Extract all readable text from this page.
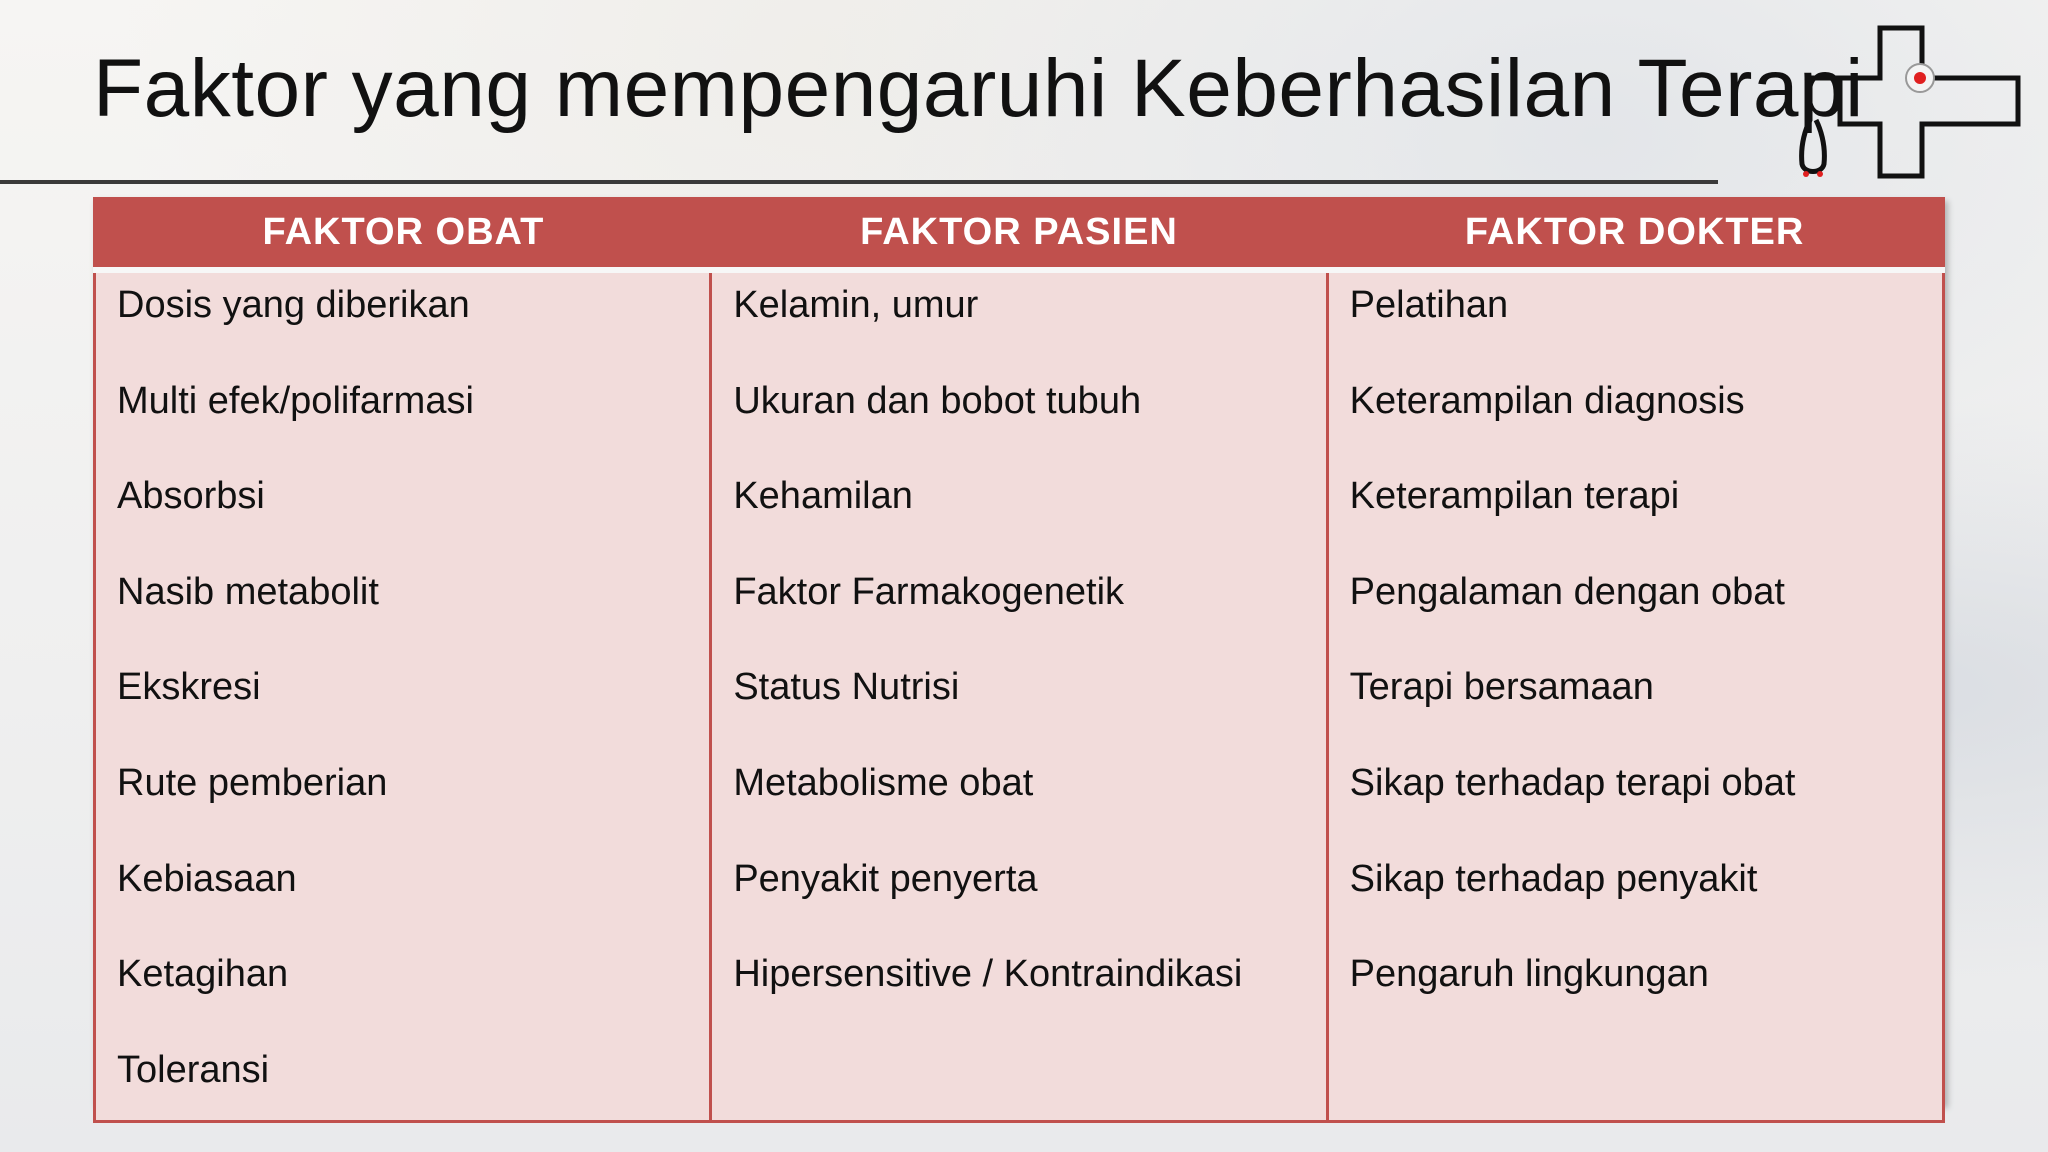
Faktor yang mempengaruhi Keberhasilan Terapi
FAKTOR OBAT	FAKTOR PASIEN	FAKTOR DOKTER

Dosis yang diberikan	Kelamin, umur	Pelatihan

Multi efek/polifarmasi	Ukuran dan bobot tubuh	Keterampilan diagnosis

Absorbsi	Kehamilan	Keterampilan terapi

Nasib metabolit	Faktor Farmakogenetik	Pengalaman dengan obat

Ekskresi	Status Nutrisi	Terapi bersamaan

Rute pemberian	Metabolisme obat	Sikap terhadap terapi obat

Kebiasaan	Penyakit penyerta	Sikap terhadap penyakit

Ketagihan	Hipersensitive / Kontraindikasi	Pengaruh lingkungan

Toleransi		
